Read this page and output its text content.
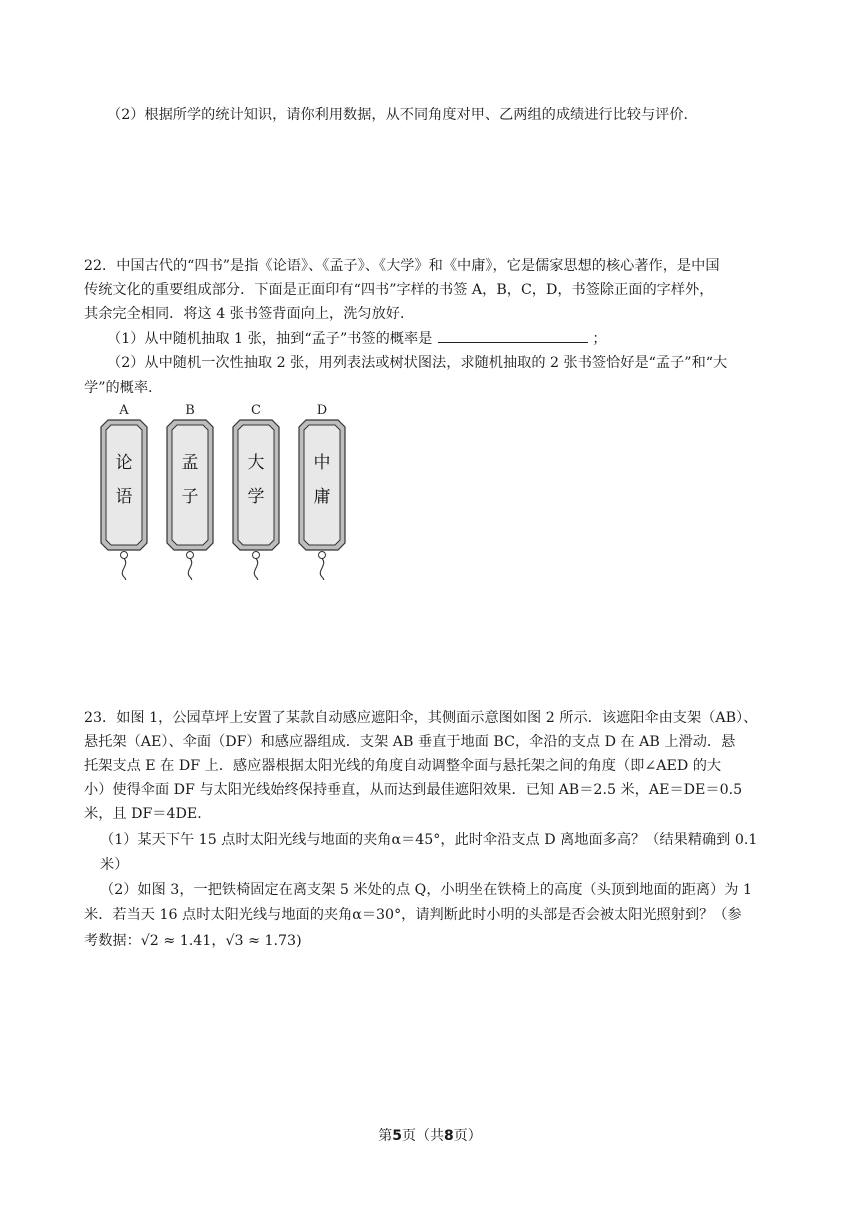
（2）根据所学的统计知识，请你利用数据，从不同角度对甲、乙两组的成绩进行比较与评价.
22．中国古代的“四书”是指《论语》、《孟子》、《大学》和《中庸》，它是儒家思想的核心著作，是中国
传统文化的重要组成部分．下面是正面印有“四书”字样的书签 A，B，C，D，书签除正面的字样外，
其余完全相同．将这 4 张书签背面向上，洗匀放好．
（1）从中随机抽取 1 张，抽到“孟子”书签的概率是	；
（2）从中随机一次性抽取 2 张，用列表法或树状图法，求随机抽取的 2 张书签恰好是“孟子”和“大
学”的概率.
A
论
语
B
孟
子
C
大
学
D
中
庸
23．如图 1，公园草坪上安置了某款自动感应遮阳伞，其侧面示意图如图 2 所示．该遮阳伞由支架（AB）、
悬托架（AE）、伞面（DF）和感应器组成．支架 AB 垂直于地面 BC，伞沿的支点 D 在 AB 上滑动．悬
托架支点 E 在 DF 上．感应器根据太阳光线的角度自动调整伞面与悬托架之间的角度（即∠AED 的大
小）使得伞面 DF 与太阳光线始终保持垂直，从而达到最佳遮阳效果．已知 AB＝2.5 米，AE＝DE＝0.5
米，且 DF＝4DE．
（1）某天下午 15 点时太阳光线与地面的夹角α＝45°，此时伞沿支点 D 离地面多高？（结果精确到 0.1
米）
（2）如图 3，一把铁椅固定在离支架 5 米处的点 Q，小明坐在铁椅上的高度（头顶到地面的距离）为 1
米．若当天 16 点时太阳光线与地面的夹角α＝30°，请判断此时小明的头部是否会被太阳光照射到？（参
考数据：√2 ≈ 1.41，√3 ≈ 1.73)
第5页（共8页）
